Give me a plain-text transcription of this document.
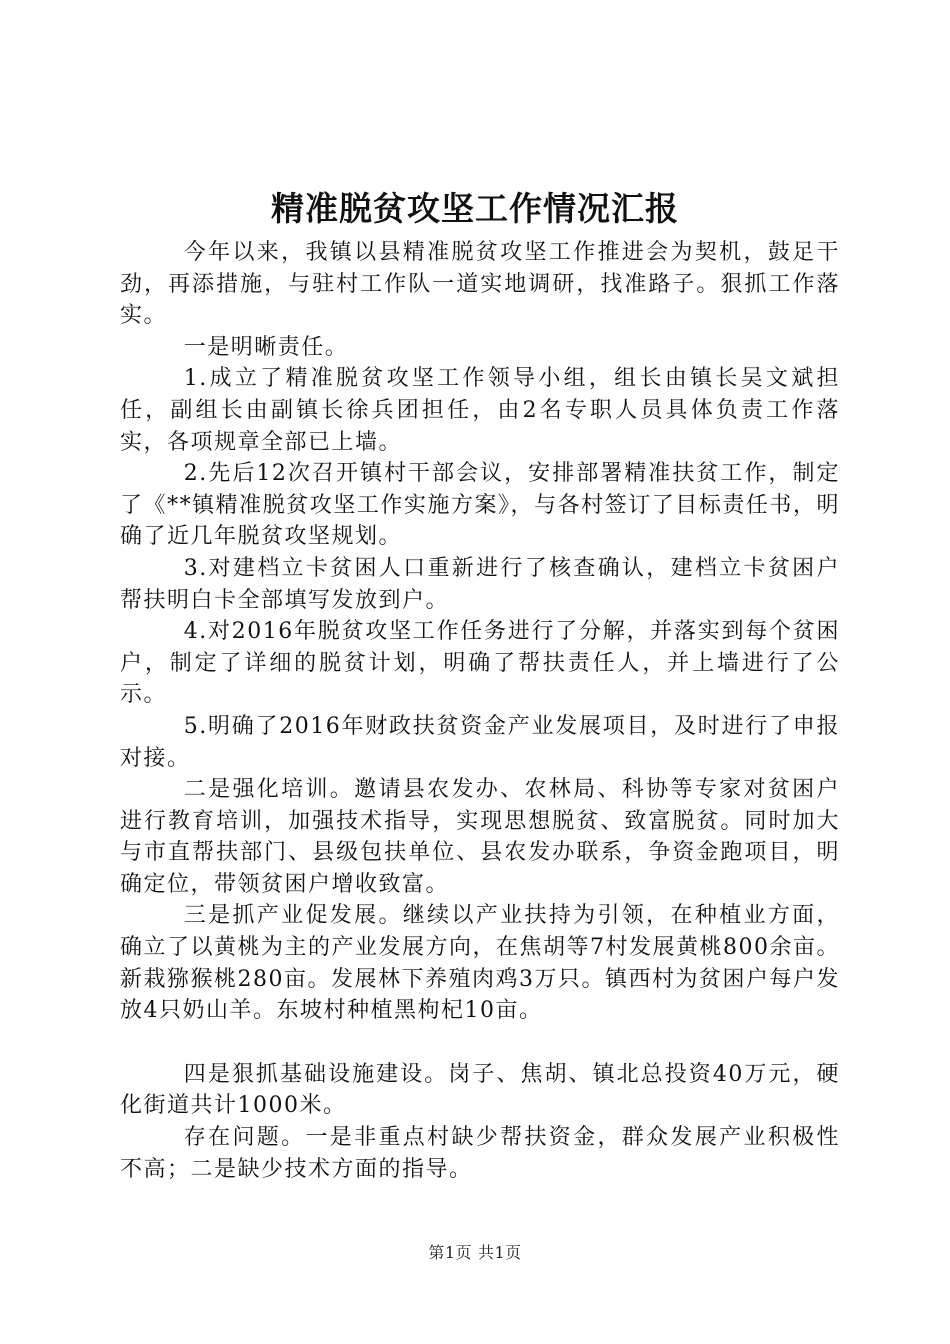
精准脱贫攻坚工作情况汇报

今年以来，我镇以县精准脱贫攻坚工作推进会为契机，鼓足干劲，再添措施，与驻村工作队一道实地调研，找准路子。狠抓工作落实。

一是明晰责任。

1.成立了精准脱贫攻坚工作领导小组，组长由镇长吴文斌担任，副组长由副镇长徐兵团担任，由2名专职人员具体负责工作落实，各项规章全部已上墙。

2.先后12次召开镇村干部会议，安排部署精准扶贫工作，制定了《**镇精准脱贫攻坚工作实施方案》，与各村签订了目标责任书，明确了近几年脱贫攻坚规划。

3.对建档立卡贫困人口重新进行了核查确认，建档立卡贫困户帮扶明白卡全部填写发放到户。

4.对2016年脱贫攻坚工作任务进行了分解，并落实到每个贫困户，制定了详细的脱贫计划，明确了帮扶责任人，并上墙进行了公示。

5.明确了2016年财政扶贫资金产业发展项目，及时进行了申报对接。

二是强化培训。邀请县农发办、农林局、科协等专家对贫困户进行教育培训，加强技术指导，实现思想脱贫、致富脱贫。同时加大与市直帮扶部门、县级包扶单位、县农发办联系，争资金跑项目，明确定位，带领贫困户增收致富。

三是抓产业促发展。继续以产业扶持为引领，在种植业方面，确立了以黄桃为主的产业发展方向，在焦胡等7村发展黄桃800余亩。新栽猕猴桃280亩。发展林下养殖肉鸡3万只。镇西村为贫困户每户发放4只奶山羊。东坡村种植黑枸杞10亩。

四是狠抓基础设施建设。岗子、焦胡、镇北总投资40万元，硬化街道共计1000米。

存在问题。一是非重点村缺少帮扶资金，群众发展产业积极性不高；二是缺少技术方面的指导。

第1页 共1页
